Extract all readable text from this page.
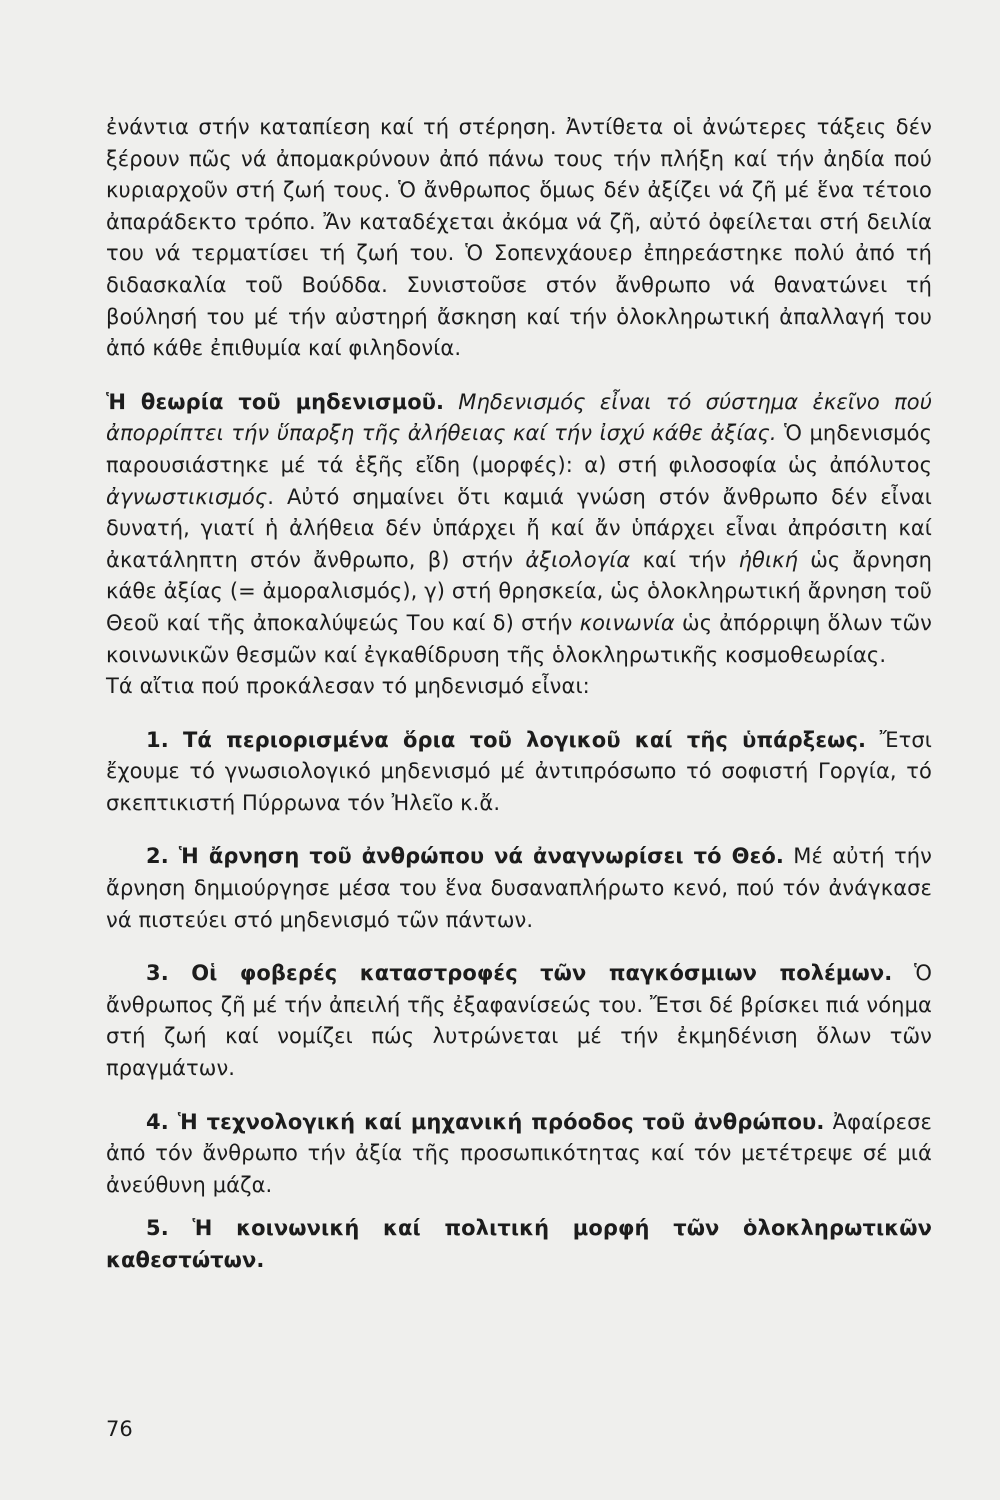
ἐνάντια στήν καταπίεση καί τή στέρηση. Ἀντίθετα οἱ ἀνώτερες τάξεις δέν ξέρουν πῶς νά ἀπομακρύνουν ἀπό πάνω τους τήν πλήξη καί τήν ἀηδία πού κυριαρχοῦν στή ζωή τους. Ὁ ἄνθρωπος ὅμως δέν ἀξίζει νά ζῆ μέ ἕνα τέτοιο ἀπαράδεκτο τρόπο. Ἄν καταδέχεται ἀκόμα νά ζῆ, αὐτό ὀφείλεται στή δειλία του νά τερματίσει τή ζωή του. Ὁ Σοπενχάουερ ἐπηρεάστηκε πολύ ἀπό τή διδασκαλία τοῦ Βούδδα. Συνιστοῦσε στόν ἄνθρωπο νά θανατώνει τή βούλησή του μέ τήν αὐστηρή ἄσκηση καί τήν ὁλοκληρωτική ἀπαλλαγή του ἀπό κάθε ἐπιθυμία καί φιληδονία.

Ἡ θεωρία τοῦ μηδενισμοῦ. Μηδενισμός εἶναι τό σύστημα ἐκεῖνο πού ἀπορρίπτει τήν ὕπαρξη τῆς ἀλήθειας καί τήν ἰσχύ κάθε ἀξίας. Ὁ μηδενισμός παρουσιάστηκε μέ τά ἑξῆς εἴδη (μορφές): α) στή φιλοσοφία ὡς ἀπόλυτος ἀγνωστικισμός. Αὐτό σημαίνει ὅτι καμιά γνώση στόν ἄνθρωπο δέν εἶναι δυνατή, γιατί ἡ ἀλήθεια δέν ὑπάρχει ἤ καί ἄν ὑπάρχει εἶναι ἀπρόσιτη καί ἀκατάληπτη στόν ἄνθρωπο, β) στήν ἀξιολογία καί τήν ἠθική ὡς ἄρνηση κάθε ἀξίας (= ἀμοραλισμός), γ) στή θρησκεία, ὡς ὁλοκληρωτική ἄρνηση τοῦ Θεοῦ καί τῆς ἀποκαλύψεώς Του καί δ) στήν κοινωνία ὡς ἀπόρριψη ὅλων τῶν κοινωνικῶν θεσμῶν καί ἐγκαθίδρυση τῆς ὁλοκληρωτικῆς κοσμοθεωρίας.

Τά αἴτια πού προκάλεσαν τό μηδενισμό εἶναι:

1. Τά περιορισμένα ὅρια τοῦ λογικοῦ καί τῆς ὑπάρξεως. Ἔτσι ἔχουμε τό γνωσιολογικό μηδενισμό μέ ἀντιπρόσωπο τό σοφιστή Γοργία, τό σκεπτικιστή Πύρρωνα τόν Ἠλεῖο κ.ἄ.

2. Ἡ ἄρνηση τοῦ ἀνθρώπου νά ἀναγνωρίσει τό Θεό. Μέ αὐτή τήν ἄρνηση δημιούργησε μέσα του ἕνα δυσαναπλήρωτο κενό, πού τόν ἀνάγκασε νά πιστεύει στό μηδενισμό τῶν πάντων.

3. Οἱ φοβερές καταστροφές τῶν παγκόσμιων πολέμων. Ὁ ἄνθρωπος ζῆ μέ τήν ἀπειλή τῆς ἐξαφανίσεώς του. Ἔτσι δέ βρίσκει πιά νόημα στή ζωή καί νομίζει πώς λυτρώνεται μέ τήν ἐκμηδένιση ὅλων τῶν πραγμάτων.

4. Ἡ τεχνολογική καί μηχανική πρόοδος τοῦ ἀνθρώπου. Ἀφαίρεσε ἀπό τόν ἄνθρωπο τήν ἀξία τῆς προσωπικότητας καί τόν μετέτρεψε σέ μιά ἀνεύθυνη μάζα.

5. Ἡ κοινωνική καί πολιτική μορφή τῶν ὁλοκληρωτικῶν καθεστώτων.

76
